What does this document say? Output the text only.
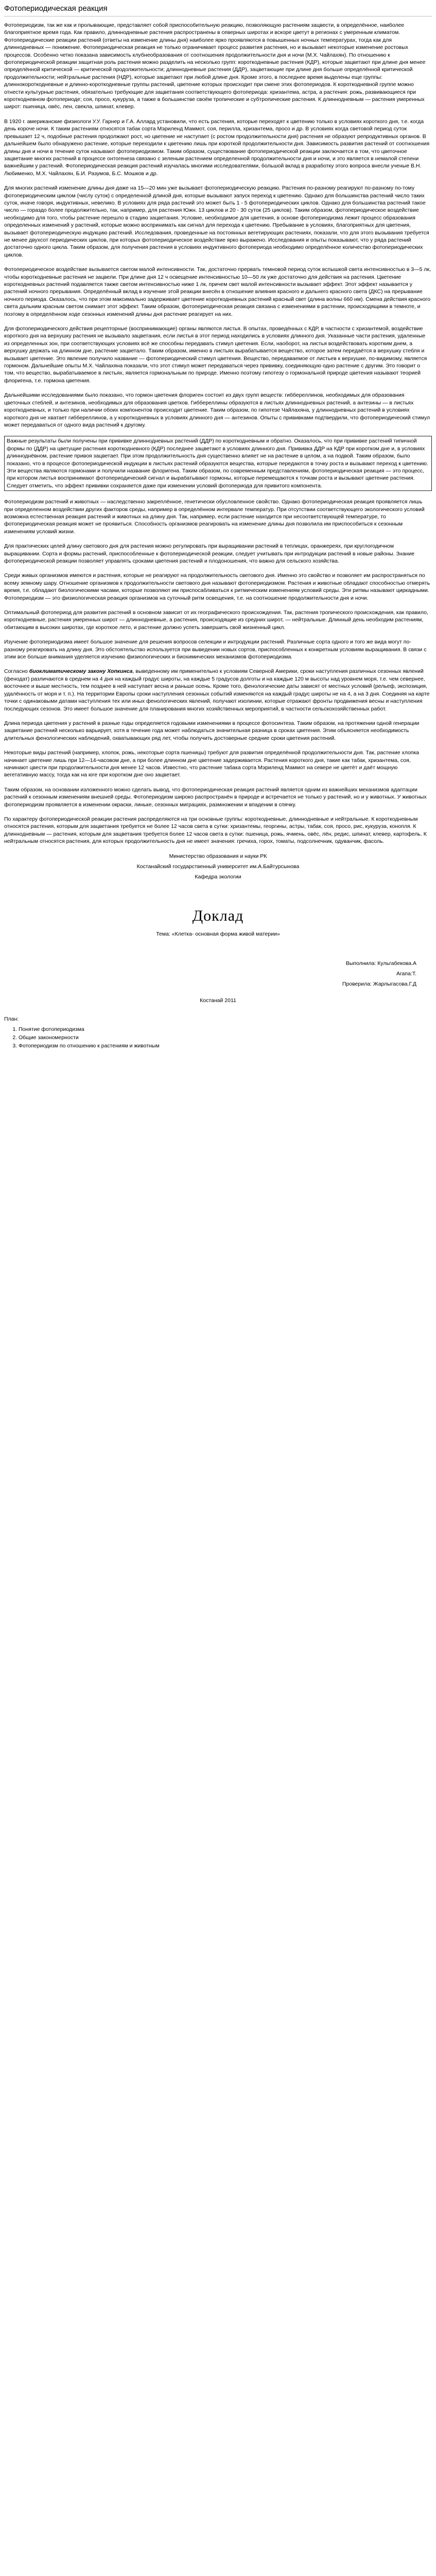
Фотопериодическая реакция

Фотопериодизм, так же как и пролывающие, представляет собой приспособительную реакцию, позволяющую растениям зацвести, в определённое, наиболее благоприятное время года. Как правило, длиннодневные растения распространены в северных широтах и вскоре цветут в регионах с умеренным климатом. Фотопериодические реакции растений (ответы на изменение длины дня) наиболее ярко проявляются в повышенных ночных температурах, тогда как для длиннодневных — понижение. Фотопериодическая реакция не только ограничивает процесс развития растения, но и вызывает некоторые изменение ростовых процессов. Особенно четко показана зависимость клубнеобразования от соотношения продолжительности дня и ночи (М.Х. Чайлахян). По отношению к фотопериодической реакции защитная роль растения можно разделить на несколько групп: короткодневные растения (КДР), которые зацветают при длине дня менее определённой критической — критической продолжительности; длиннодневные растения (ДДР), зацветающие при длине дня больше определённой критической продолжительности; нейтральные растения (НДР), которые зацветают при любой длине дня. Кроме этого, в последнее время выделены еще группы: длиннокороткодневные и длинно-короткодневные группы растений, цветение которых происходит при смене этих фотопериодов. К короткодневной группе можно отнести культурные растения, обязательно требующие для зацветания соответствующего фотопериода: хризантема, астра, а растения: рожь, развивающиеся при короткодневном фотопериоде; соя, просо, кукуруза, а также в большинстве своём тропические и субтропические растения. К длиннодневным — растения умеренных широт: пшеница, овёс, лен, свекла, шпинат, клевер.

В 1920 г. американские физиологи У.У. Гарнер и Г.А. Аллард установили, что есть растения, которые переходят к цветению только в условиях короткого дня, т.е. когда день короче ночи. К таким растениям относятся табак сорта Мэриленд Маммот, соя, перилла, хризантема, просо и др. В условиях когда световой период суток превышает 12 ч, подобные растения продолжают рост, но цветение не наступает (с ростом продолжительности дня) растения не образуют репродуктивных органов. В дальнейшем было обнаружено растение, которые переходили к цветению лишь при короткой продолжительности дня. Зависимость развития растений от соотношения длины дня и ночи в течение суток называют фотопериодизмом. Таким образом, существование фотопериодической реакции заключается в том, что цветочное зацветание многих растений в процессе онтогенеза связано с зеленым растением определенной продолжительности дня и ночи, и это является в немалой степени важнейшим у растений. Фотопериодическая реакция растений изучалась многими исследователями, большой вклад в разработку этого вопроса внесли ученые В.Н. Любименко, М.Х. Чайлахян, Б.И. Разумов, Б.С. Мошков и др.

Для многих растений изменение длины дня даже на 15—20 мин уже вызывает фотопериодическую реакцию. Растения по-разному реагируют по-разному по-тому фотопериодическим циклом (числу суток) с определенной длиной дня, которые вызывают запуск переход к цветению. Однако для большинства растений число таких суток, иначе говоря, индуктивных, невелико. В условиях для ряда растений это может быть 1 - 5 фотопериодических циклов. Однако для большинства растений такое число — гораздо более продолжительно, так, например, для растения Южн. 13 циклов и 20 - 30 суток (25 циклов). Таким образом, фотопериодическое воздействие необходимо для того, чтобы растение перешло в стадию зацветания. Условие, необходимое для цветения, в основе фотопериодизма лежит процесс образования определенных изменений у растений, которые можно воспринимать как сигнал для перехода к цветению. Пребывание в условиях, благоприятных для цветения, вызывает фотопериодическую индукцию растений. Исследования, проведенные на постоянных вегетирующих растениях, показали, что для этого вызывания требуется не менее двухсот периодических циклов, при которых фотопериодическое воздействие ярко выражено. Исследования и опыты показывают, что у ряда растений достаточно одного цикла. Таким образом, для получения растения в условиях индуктивного фотопериода необходимо определённое количество фотопериодических циклов.

Фотопериодическое воздействие вызывается светом малой интенсивности. Так, достаточно прервать темновой период суток вспышкой света интенсивностью в 3—5 лк, чтобы короткодневные растения не зацвели. При длине дня 12 ч освещение интенсивностью 10—50 лк уже достаточно для действия на растения. Цветение короткодневных растений подавляется также светом интенсивностью ниже 1 лк, причем свет малой интенсивности вызывает эффект. Этот эффект называется у растений ночного прерывания. Определённый вклад в изучение этой реакции внесён в отношение влияния красного и дальнего красного света (ДКС) на прерывание ночного периода. Оказалось, что при этом максимально задерживает цветение короткодневных растений красный свет (длина волны 660 нм). Смена действия красного света дальним красным светом снимает этот эффект. Таким образом, фотопериодическая реакция связана с изменениями в растении, происходящими в темноте, и поэтому в определённом ходе сезонных изменений длины дня растение реагирует на них.

Для фотопериодического действия рецепторные (воспринимающие) органы являются листья. В опытах, проведённых с КДР, в частности с хризантемой, воздействие короткого дня на верхушку растения не вызывало зацветания, если листья в этот период находились в условиях длинного дня. Указанные части растения, удаленные из определенных зон, при соответствующих условиях всё же способны передавать стимул цветения. Если, наоборот, на листья воздействовать коротким днем, а верхушку держать на длинном дне, растение зацветало. Таким образом, именно в листьях вырабатывается вещество, которое затем передаётся в верхушку стебля и вызывает цветение. Это явление получило название — фотопериодический стимул цветения. Вещество, передаваемое от листьев к верхушке, по-видимому, является гормоном. Дальнейшие опыты М.Х. Чайлахяна показали, что этот стимул может передаваться через прививку, соединяющую одно растение с другим. Это говорит о том, что вещество, вырабатываемое в листьях, является гормональным по природе. Именно поэтому гипотезу о гормональной природе цветения называют теорией флоригена, т.е. гормона цветения.

Дальнейшими исследованиями было показано, что гормон цветения флориген состоит из двух групп веществ: гиббереллинов, необходимых для образования цветочных стеблей, и антезинов, необходимых для образования цветков. Гиббереллины образуются в листьях длиннодневных растений, а антезины — в листьях короткодневных, и только при наличии обоих компонентов происходит цветение. Таким образом, по гипотезе Чайлахяна, у длиннодневных растений в условиях короткого дня не хватает гиббереллинов, а у короткодневных в условиях длинного дня — антезинов. Опыты с прививками подтвердили, что фотопериодический стимул может передаваться от одного вида растений к другому.

Важные результаты были получены при прививке длиннодневных растений (ДДР) по короткодневным и обратно. Оказалось, что при прививке растений типичной формы по (ДДР) на цветущие растения короткодневного (КДР) последнее зацветают в условиях длинного дня. Прививка ДДР на КДР при коротком дне и, в условиях длинноднёвном, растение привоя зацветает. При этом продолжительность дня существенно влияет не на растение в целом, а на подвой. Таким образом, было показано, что в процессе фотопериодической индукции в листьях растений образуются вещества, которые передаются в точку роста и вызывают переход к цветению. Эти вещества являются гормонами и получили название флоригена. Таким образом, по современным представлениям, фотопериодическая реакция — это процесс, при котором листья воспринимают фотопериодический сигнал и вырабатывают гормоны, которые перемещаются к точкам роста и вызывают цветение растения. Следует отметить, что эффект прививки сохраняется даже при изменении условий фотопериода для привитого компонента.

Фотопериодизм растений и животных — наследственно закреплённое, генетически обусловленное свойство. Однако фотопериодическая реакция проявляется лишь при определенном воздействии других факторов среды, например в определённом интервале температур. При отсутствии соответствующего экологического условий возможна естественная реакция растений и животных на длину дня. Так, например, если растение находится при несоответствующей температуре, то фотопериодическая реакция может не проявиться. Способность организмов реагировать на изменение длины дня позволила им приспособиться к сезонным изменениям условий жизни.

Для практических целей длину светового дня для растения можно регулировать при выращивании растений в теплицах, оранжереях, при круглогодичном выращивании. Сорта и формы растений, приспособленные к фотопериодической реакции, следует учитывать при интродукции растений в новые районы. Знание фотопериодической реакции позволяет управлять сроками цветения растений и плодоношения, что важно для сельского хозяйства.

Среди живых организмов имеются и растения, которые не реагируют на продолжительность светового дня. Именно это свойство и позволяет им распространяться по всему земному шару. Отношение организмов к продолжительности светового дня называют фотопериодизмом. Растения и животные обладают способностью отмерять время, т.е. обладают биологическими часами, которые позволяют им приспосабливаться к ритмическим изменениям условий среды. Эти ритмы называют циркадными. Фотопериодизм — это физиологическая реакция организмов на суточный ритм освещения, т.е. на соотношение продолжительности дня и ночи.

Оптимальный фотопериод для развития растений в основном зависит от их географического происхождения. Так, растения тропического происхождения, как правило, короткодневные, растения умеренных широт — длиннодневные, а растения, происходящие из средних широт, — нейтральные. Длинный день необходим растениям, обитающим в высоких широтах, где короткое лето, и растение должно успеть завершить свой жизненный цикл.

Изучение фотопериодизма имеет большое значение для решения вопросов селекции и интродукции растений. Различные сорта одного и того же вида могут по-разному реагировать на длину дня. Это обстоятельство используется при выведении новых сортов, приспособленных к конкретным условиям выращивания. В связи с этим все больше внимания уделяется изучению физиологических и биохимических механизмов фотопериодизма.

Согласно биоклиматическому закону Хопкинса, выведенному им применительно к условиям Северной Америки, сроки наступления различных сезонных явлений (фенодат) различаются в среднем на 4 дня на каждый градус широты, на каждые 5 градусов долготы и на каждые 120 м высоты над уровнем моря, т.е. чем севернее, восточнее и выше местность, тем позднее в ней наступает весна и раньше осень. Кроме того, фенологические даты зависят от местных условий (рельеф, экспозиция, удалённость от моря и т. п.). На территории Европы сроки наступления сезонных событий изменяются на каждый градус широты не на 4, а на 3 дня. Соединяя на карте точки с одинаковыми датами наступления тех или иных фенологических явлений, получают изолинии, которые отражают фронты продвижения весны и наступления последующих сезонов. Это имеет большое значение для планирования многих хозяйственных мероприятий, в частности сельскохозяйственных работ.

Длина периода цветения у растений в разные годы определяется годовыми изменениями в процессе фотосинтеза. Таким образом, на протяжении одной генерации зацветание растений несколько варьирует, хотя в течение года может наблюдаться значительная разница в сроках цветения. Этим объясняется необходимость длительных фенологических наблюдений, охватывающих ряд лет, чтобы получить достоверные средние сроки цветения растений.

Некоторые виды растений (например, хлопок, рожь, некоторые сорта пшеницы) требуют для развития определённой продолжительности дня. Так, растение хлопка начинает цветение лишь при 12—14-часовом дне, а при более длинном дне цветение задерживается. Растения короткого дня, такие как табак, хризантема, соя, начинают цвести при продолжительности дня менее 12 часов. Известно, что растение табака сорта Мэриленд Маммот на севере не цветёт и даёт мощную вегетативную массу, тогда как на юге при коротком дне оно зацветает.

Таким образом, на основании изложенного можно сделать вывод, что фотопериодическая реакция растений является одним из важнейших механизмов адаптации растений к сезонным изменениям внешней среды. Фотопериодизм широко распространён в природе и встречается не только у растений, но и у животных. У животных фотопериодизм проявляется в изменении окраски, линьке, сезонных миграциях, размножении и впадении в спячку.

По характеру фотопериодической реакции растения распределяются на три основные группы: короткодневные, длиннодневные и нейтральные. К короткодневным относятся растения, которым для зацветания требуется не более 12 часов света в сутки: хризантемы, георгины, астры, табак, соя, просо, рис, кукуруза, конопля. К длиннодневным — растения, которым для зацветания требуется более 12 часов света в сутки: пшеница, рожь, ячмень, овёс, лён, редис, шпинат, клевер, картофель. К нейтральным относятся растения, для которых продолжительность дня не имеет значения: гречиха, горох, томаты, подсолнечник, одуванчик, фасоль.

Министерство образования и науки РК

Костанайский государственный университет им.А.Байтурсынова

Кафедра экологии

Доклад
Тема: «Клетка- основная форма живой материи»
Выполнила: Кульгабекова.А
Агапа:Т.
Проверила: Жарлыгасова.Г.Д
Костанай 2011
План:
1. Понятие фотопериодизма
2. Общие закономерности
3. Фотопериодизм по отношению к растениям и животным
